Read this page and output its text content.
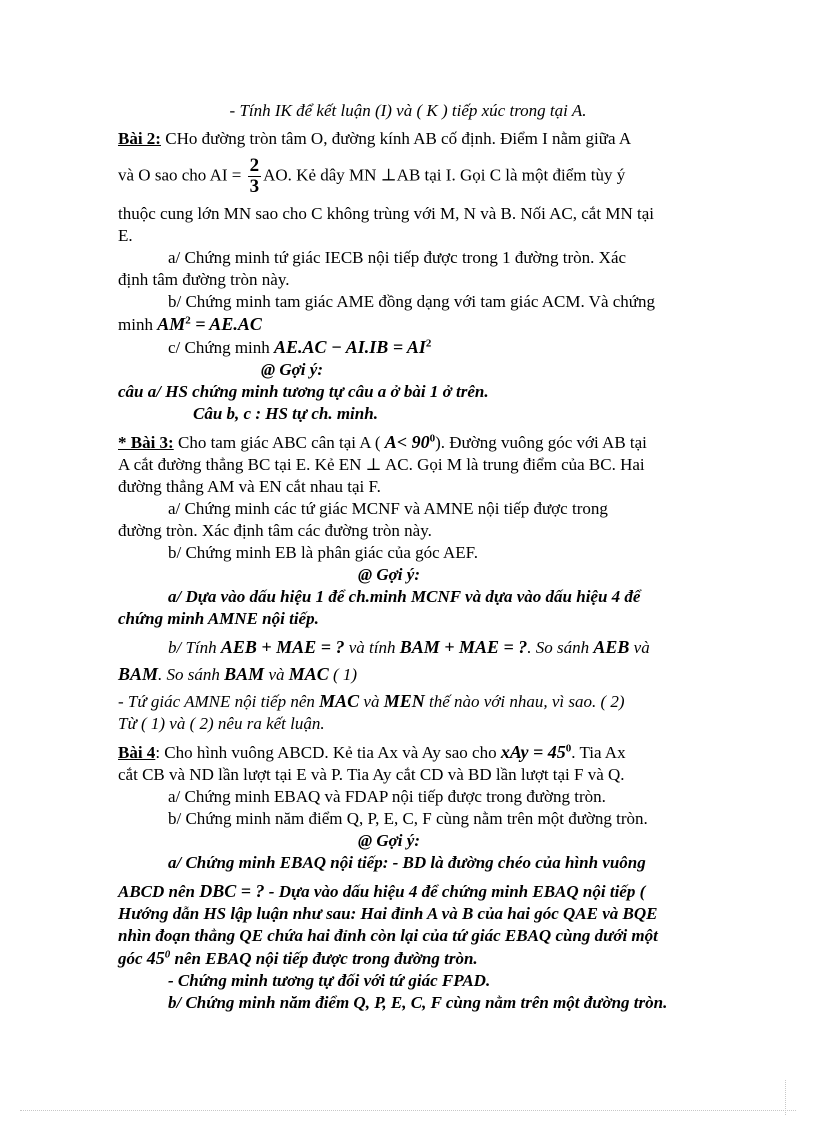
- Tính IK để kết luận (I) và ( K ) tiếp xúc trong tại A.
Bài 2: CHo đường tròn tâm O, đường kính AB cố định. Điểm I nằm giữa A
và O sao cho AI = $\frac{2}{3}$ AO. Kẻ dây MN ⊥AB tại I. Gọi C là một điểm tùy ý
thuộc cung lớn MN sao cho C không trùng với M, N và B. Nối AC, cắt MN tại
E.
a/ Chứng minh tứ giác IECB nội tiếp được trong 1 đường tròn. Xác
định tâm đường tròn này.
b/ Chứng minh tam giác AME đồng dạng với tam giác ACM. Và chứng
minh $AM^2 = AE.AC$
c/ Chứng minh $AE.AC - AI.IB = AI^2$
@ Gợi ý:
câu a/ HS chứng minh tương tự câu a ở bài 1 ở trên.
Câu b, c : HS tự ch. minh.
* Bài 3: Cho tam giác ABC cân tại A ( $A< 90^0$). Đường vuông góc với AB tại
A cắt đường thẳng BC tại E. Kẻ EN ⊥ AC. Gọi M là trung điểm của BC. Hai
đường thẳng AM và EN cắt nhau tại F.
a/ Chứng minh các tứ giác MCNF và AMNE nội tiếp được trong
đường tròn. Xác định tâm các đường tròn này.
b/ Chứng minh EB là phân giác của góc AEF.
@ Gợi ý:
a/ Dựa vào dấu hiệu 1 để ch.minh MCNF và dựa vào dấu hiệu 4 để
chứng minh AMNE nội tiếp.
b/ Tính AEB + MAE = ? và tính BAM + MAE = ?. So sánh AEB và
BAM. So sánh BAM và MAC ( 1)
- Tứ giác AMNE nội tiếp nên MAC và MEN thế nào với nhau, vì sao. ( 2)
Từ ( 1) và ( 2) nêu ra kết luận.
Bài 4: Cho hình vuông ABCD. Kẻ tia Ax và Ay sao cho xAy = $45^0$. Tia Ax
cắt CB và ND lần lượt tại E và P. Tia Ay cắt CD và BD lần lượt tại F và Q.
a/ Chứng minh EBAQ và FDAP nội tiếp được trong đường tròn.
b/ Chứng minh năm điểm Q, P, E, C, F cùng nằm trên một đường tròn.
@ Gợi ý:
a/ Chứng minh EBAQ nội tiếp: - BD là đường chéo của hình vuông
ABCD nên DBC = ? - Dựa vào dấu hiệu 4 để chứng minh EBAQ nội tiếp (
Hướng dẫn HS lập luận như sau: Hai đỉnh A và B của hai góc QAE và BQE
nhìn đoạn thẳng QE chứa hai đỉnh còn lại của tứ giác EBAQ cùng dưới một
góc $45^0$ nên EBAQ nội tiếp được trong đường tròn.
- Chứng minh tương tự đối với tứ giác FPAD.
b/ Chứng minh năm điểm Q, P, E, C, F cùng nằm trên một đường tròn.
